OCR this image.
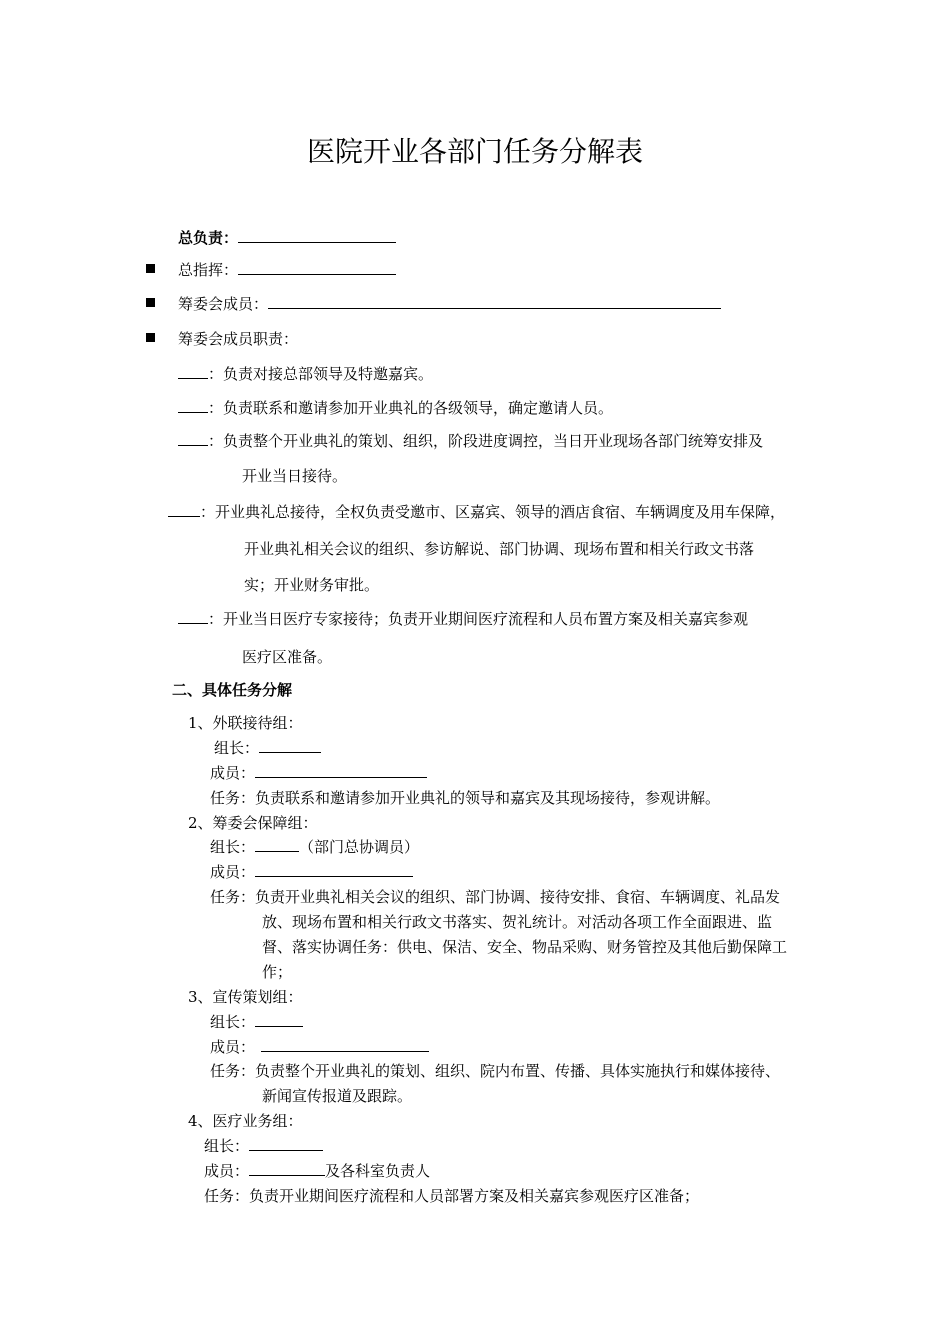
医院开业各部门任务分解表
总负责：
总指挥：
筹委会成员：
筹委会成员职责：
：负责对接总部领导及特邀嘉宾。
：负责联系和邀请参加开业典礼的各级领导，确定邀请人员。
：负责整个开业典礼的策划、组织，阶段进度调控，当日开业现场各部门统筹安排及
开业当日接待。
：开业典礼总接待，全权负责受邀市、区嘉宾、领导的酒店食宿、车辆调度及用车保障，
开业典礼相关会议的组织、参访解说、部门协调、现场布置和相关行政文书落
实；开业财务审批。
：开业当日医疗专家接待；负责开业期间医疗流程和人员布置方案及相关嘉宾参观
医疗区准备。
二、具体任务分解
1、外联接待组：
组长：
成员：
任务：负责联系和邀请参加开业典礼的领导和嘉宾及其现场接待，参观讲解。
2、筹委会保障组：
组长：	（部门总协调员）
成员：
任务：负责开业典礼相关会议的组织、部门协调、接待安排、食宿、车辆调度、礼品发
放、现场布置和相关行政文书落实、贺礼统计。对活动各项工作全面跟进、监
督、落实协调任务：供电、保洁、安全、物品采购、财务管控及其他后勤保障工
作；
3、宣传策划组：
组长：
成员：
任务：负责整个开业典礼的策划、组织、院内布置、传播、具体实施执行和媒体接待、
新闻宣传报道及跟踪。
4、医疗业务组：
组长：
成员：	及各科室负责人
任务：负责开业期间医疗流程和人员部署方案及相关嘉宾参观医疗区准备；
